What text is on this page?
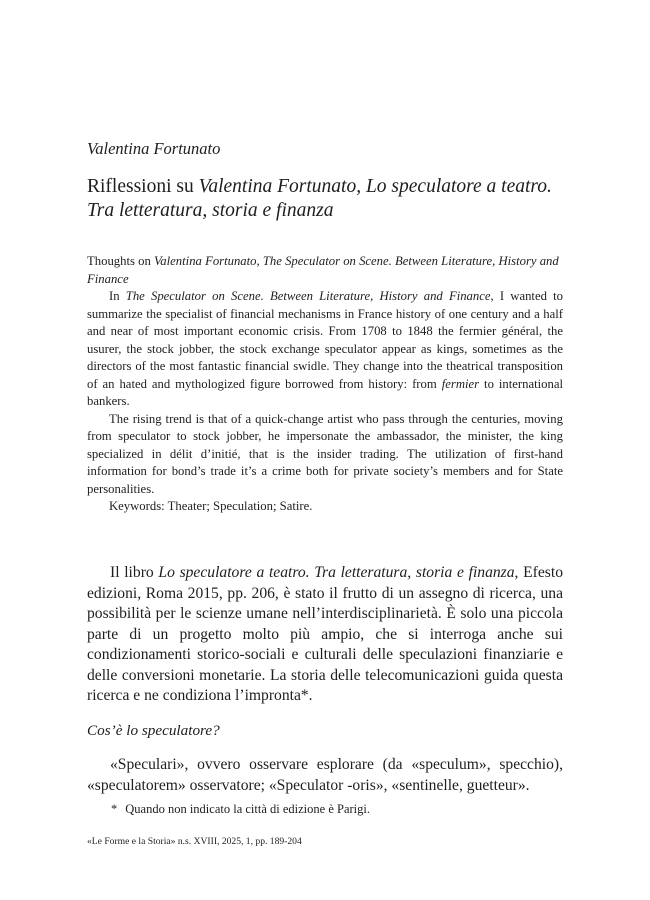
Valentina Fortunato
Riflessioni su Valentina Fortunato, Lo speculatore a teatro. Tra letteratura, storia e finanza
Thoughts on Valentina Fortunato, The Speculator on Scene. Between Literature, History and Finance

In The Speculator on Scene. Between Literature, History and Finance, I wanted to summarize the specialist of financial mechanisms in France history of one century and a half and near of most important economic crisis. From 1708 to 1848 the fermier général, the usurer, the stock jobber, the stock exchange speculator appear as kings, sometimes as the directors of the most fantastic financial swidle. They change into the theatrical transposition of an hated and mythologized figure borrowed from history: from fermier to international bankers.

The rising trend is that of a quick-change artist who pass through the centuries, moving from speculator to stock jobber, he impersonate the ambassador, the minister, the king specialized in délit d’initié, that is the insider trading. The utilization of first-hand information for bond’s trade it’s a crime both for private society’s members and for State personalities.

Keywords: Theater; Speculation; Satire.

Il libro Lo speculatore a teatro. Tra letteratura, storia e finanza, Efesto edizioni, Roma 2015, pp. 206, è stato il frutto di un assegno di ricerca, una possibilità per le scienze umane nell’interdisciplinarietà. È solo una piccola parte di un progetto molto più ampio, che si interroga anche sui condizionamenti storico-sociali e culturali delle speculazioni finanziarie e delle conversioni monetarie. La storia delle telecomunicazioni guida questa ricerca e ne condiziona l’impronta*.

Cos’è lo speculatore?

«Speculari», ovvero osservare esplorare (da «speculum», specchio), «speculatorem» osservatore; «Speculator -oris», «sentinelle, guetteur».

* Quando non indicato la città di edizione è Parigi.
«Le Forme e la Storia» n.s. XVIII, 2025, 1, pp. 189-204
